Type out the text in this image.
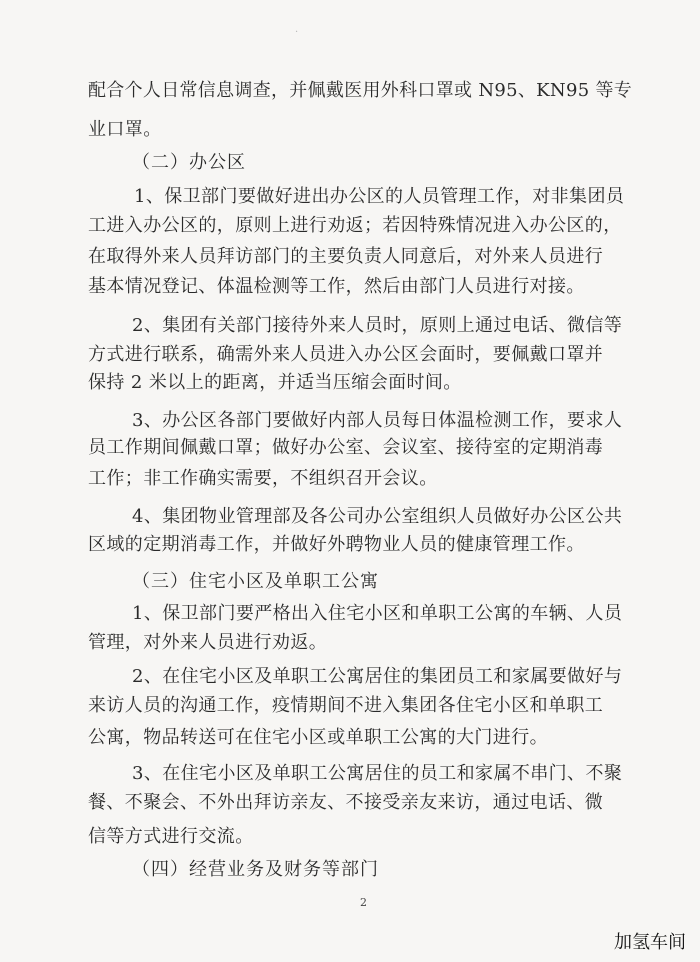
·
配合个人日常信息调查，并佩戴医用外科口罩或 N95、KN95 等专
业口罩。
（二）办公区
1、保卫部门要做好进出办公区的人员管理工作，对非集团员
工进入办公区的，原则上进行劝返；若因特殊情况进入办公区的，
在取得外来人员拜访部门的主要负责人同意后，对外来人员进行
基本情况登记、体温检测等工作，然后由部门人员进行对接。
2、集团有关部门接待外来人员时，原则上通过电话、微信等
方式进行联系，确需外来人员进入办公区会面时，要佩戴口罩并
保持 2 米以上的距离，并适当压缩会面时间。
3、办公区各部门要做好内部人员每日体温检测工作，要求人
员工作期间佩戴口罩；做好办公室、会议室、接待室的定期消毒
工作；非工作确实需要，不组织召开会议。
4、集团物业管理部及各公司办公室组织人员做好办公区公共
区域的定期消毒工作，并做好外聘物业人员的健康管理工作。
（三）住宅小区及单职工公寓
1、保卫部门要严格出入住宅小区和单职工公寓的车辆、人员
管理，对外来人员进行劝返。
2、在住宅小区及单职工公寓居住的集团员工和家属要做好与
来访人员的沟通工作，疫情期间不进入集团各住宅小区和单职工
公寓，物品转送可在住宅小区或单职工公寓的大门进行。
3、在住宅小区及单职工公寓居住的员工和家属不串门、不聚
餐、不聚会、不外出拜访亲友、不接受亲友来访，通过电话、微
信等方式进行交流。
（四）经营业务及财务等部门
2
加氢车间
